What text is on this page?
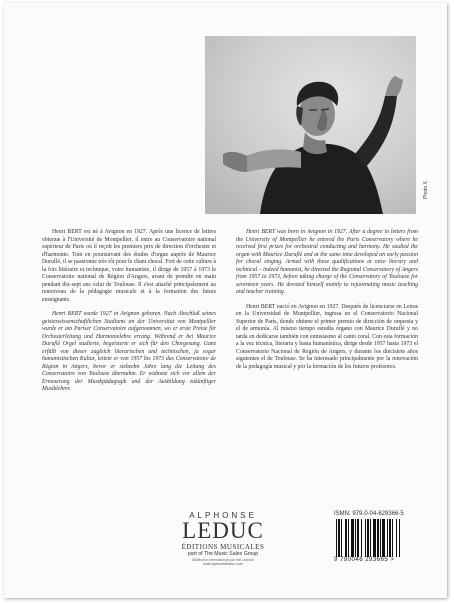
Photo X.

Henri BERT est né à Avignon en 1927. Après une licence de lettres obtenue à l'Université de Montpellier, il entre au Conservatoire national supérieur de Paris où il reçoit les premiers prix de direction d'orchestre et d'harmonie. Tout en poursuivant des études d'orgue auprès de Maurice Duruflé, il se passionne très tôt pour le chant choral. Fort de cette culture à la fois littéraire et technique, voire humaniste, il dirige de 1957 à 1973 le Conservatoire national de Région d'Angers, avant de prendre en main pendant dix-sept ans celui de Toulouse. Il s'est attaché principalement au renouveau de la pédagogie musicale et à la formation des futurs enseignants.

Henri BERT wurde 1927 in Avignon geboren. Nach Abschluß seines geisteswissenschaftlichen Studiums an der Universitat von Montpellier wurde er am Pariser Conservatoire aufgenommen, wo er erste Preise für Orchesterleitung und Harmonielehre errang. Während er bei Maurice Duruflé Orgel studierte, begeisterte er sich für den Chorgesang. Ganz erfüllt von dieser zugleich literarischen und technischen, ja sogar humanistischen Kultur, leitete er von 1957 bis 1973 das Conservatoire de Région in Angers, bevor er siebzehn Jahre lang die Leitung des Conservatoire von Toulouse übernahm. Er widmete sich vor allem der Erneuerung der Musikpädagogik und der Ausbildung zukünftiger Musiklehrer.

Henri BERT was born in Avignon in 1927. After a degree in letters from the University of Montpellier he entered the Paris Conservatory where he received first prizes for orchestral conducting and harmony. He studied the organ with Maurice Duruflé and at the same time developed an early passion for choral singing. Armed with these qualifications at once literary and technical – indeed humanist, he directed the Regional Conservatory of Angers from 1957 to 1973, before taking charge of the Conservatory of Toulouse for seventeen years. He devoted himself mainly to rejuvenating music teaching and teacher training.

Henri BERT nació en Avignon en 1927. Después de licenciarse en Letras en la Universidad de Montpellier, ingresa en el Conservatorio Nacional Superior de París, donde obtiene el primer premio de dirección de orquesta y el de armonía. Al mismo tiempo estudia órgano con Maurice Duruflé y no tarda en dedicarse también con entusiasmo al canto coral. Con esta formación a la vez técnica, literaria y hasta humanística, dirige desde 1957 hasta 1973 el Conservatorio Nacional de Región de Angers, y durante los diecisiete años siguientes el de Toulouse. Se ha interesado principalmente por la renovación de la pedagogía musical y por la formación de los futuros profesores.

ALPHONSE
LEDUC
ÉDITIONS MUSICALES
part of The Music Sales Group
Distribution Internationale par Hal Leonard
www.alphonseleduc.com
ISMN: 979-0-04-629366-5
9 790046 293665 >
